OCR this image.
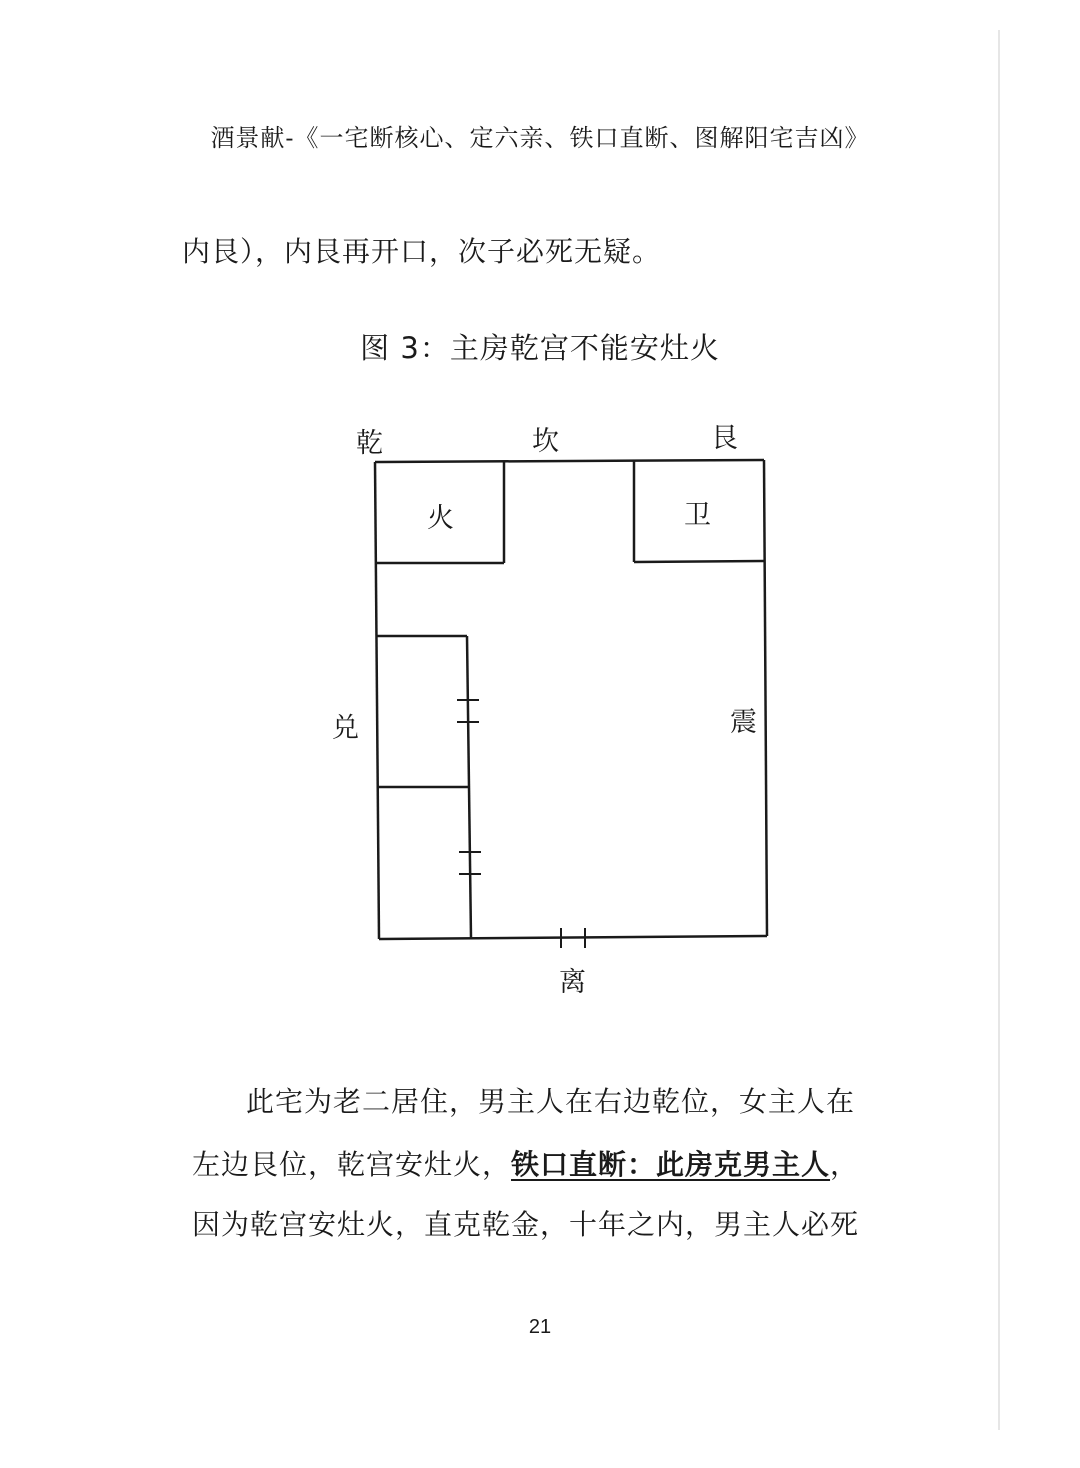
酒景献-《一宅断核心、定六亲、铁口直断、图解阳宅吉凶》
内艮），内艮再开口，次子必死无疑。
图 3：主房乾宫不能安灶火
乾	坎	艮
兑	震
离
火	卫
此宅为老二居住，男主人在右边乾位，女主人在
左边艮位，乾宫安灶火，铁口直断：此房克男主人，
因为乾宫安灶火，直克乾金，十年之内，男主人必死
21
